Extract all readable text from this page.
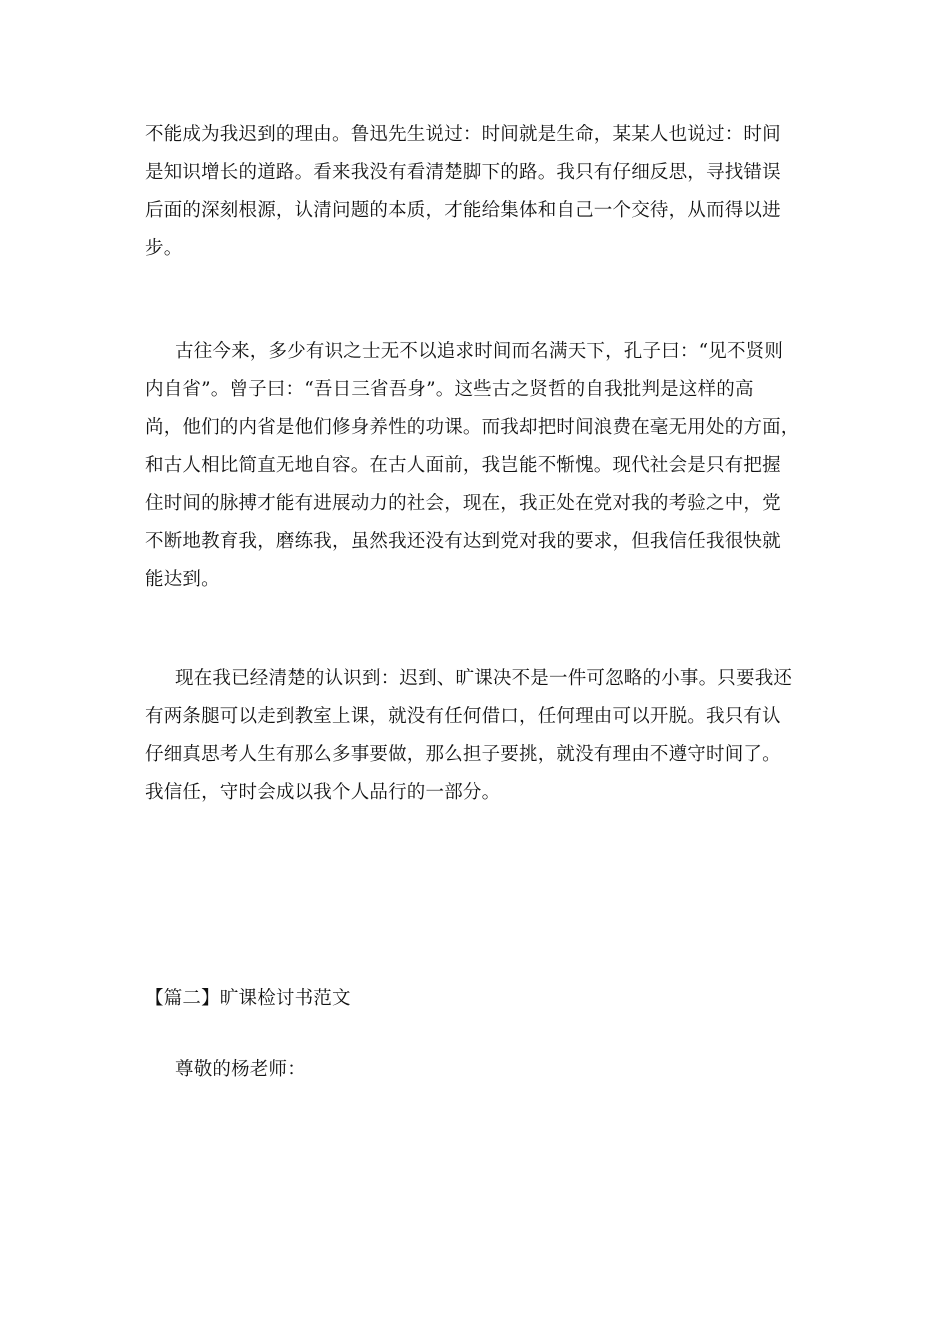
不能成为我迟到的理由。鲁迅先生说过：时间就是生命，某某人也说过：时间
是知识增长的道路。看来我没有看清楚脚下的路。我只有仔细反思，寻找错误
后面的深刻根源，认清问题的本质，才能给集体和自己一个交待，从而得以进
步。
古往今来，多少有识之士无不以追求时间而名满天下，孔子曰：“见不贤则
内自省”。曾子曰：“吾日三省吾身”。这些古之贤哲的自我批判是这样的高
尚，他们的内省是他们修身养性的功课。而我却把时间浪费在毫无用处的方面，
和古人相比简直无地自容。在古人面前，我岂能不惭愧。现代社会是只有把握
住时间的脉搏才能有进展动力的社会，现在，我正处在党对我的考验之中，党
不断地教育我，磨练我，虽然我还没有达到党对我的要求，但我信任我很快就
能达到。
现在我已经清楚的认识到：迟到、旷课决不是一件可忽略的小事。只要我还
有两条腿可以走到教室上课，就没有任何借口，任何理由可以开脱。我只有认
仔细真思考人生有那么多事要做，那么担子要挑，就没有理由不遵守时间了。
我信任，守时会成以我个人品行的一部分。
【篇二】旷课检讨书范文
尊敬的杨老师：
